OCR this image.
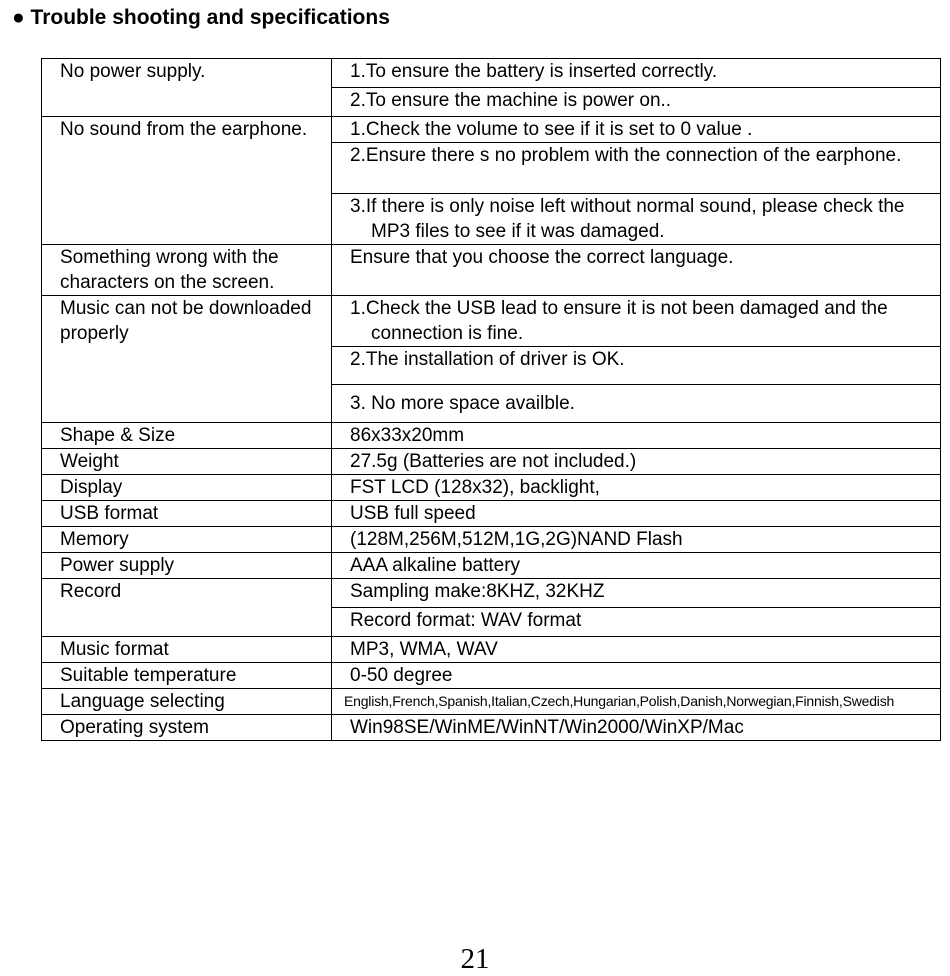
● Trouble shooting and specifications
No power supply.	1.To ensure the battery is inserted correctly.

	2.To ensure the machine is power on..

No sound from the earphone.	1.Check the volume to see if it is set to 0 value .

	2.Ensure there s no problem with the connection of the earphone.

	3.If there is only noise left without normal sound, please check the MP3 files to see if it was damaged.

Something wrong with the characters on the screen.	Ensure that you choose the correct language.

Music can not be downloaded properly	1.Check the USB lead to ensure it is not been damaged and the connection is fine.

	2.The installation of driver is OK.

	3. No more space availble.

Shape & Size	86x33x20mm
Weight	27.5g (Batteries are not included.)
Display	FST LCD (128x32), backlight,
USB format	USB full speed
Memory	(128M,256M,512M,1G,2G)NAND Flash
Power supply	AAA alkaline battery
Record	Sampling make:8KHZ, 32KHZ
	Record format: WAV format
Music format	MP3, WMA, WAV
Suitable temperature	0-50 degree
Language selecting	English,French,Spanish,Italian,Czech,Hungarian,Polish,Danish,Norwegian,Finnish,Swedish
Operating system	Win98SE/WinME/WinNT/Win2000/WinXP/Mac
21
